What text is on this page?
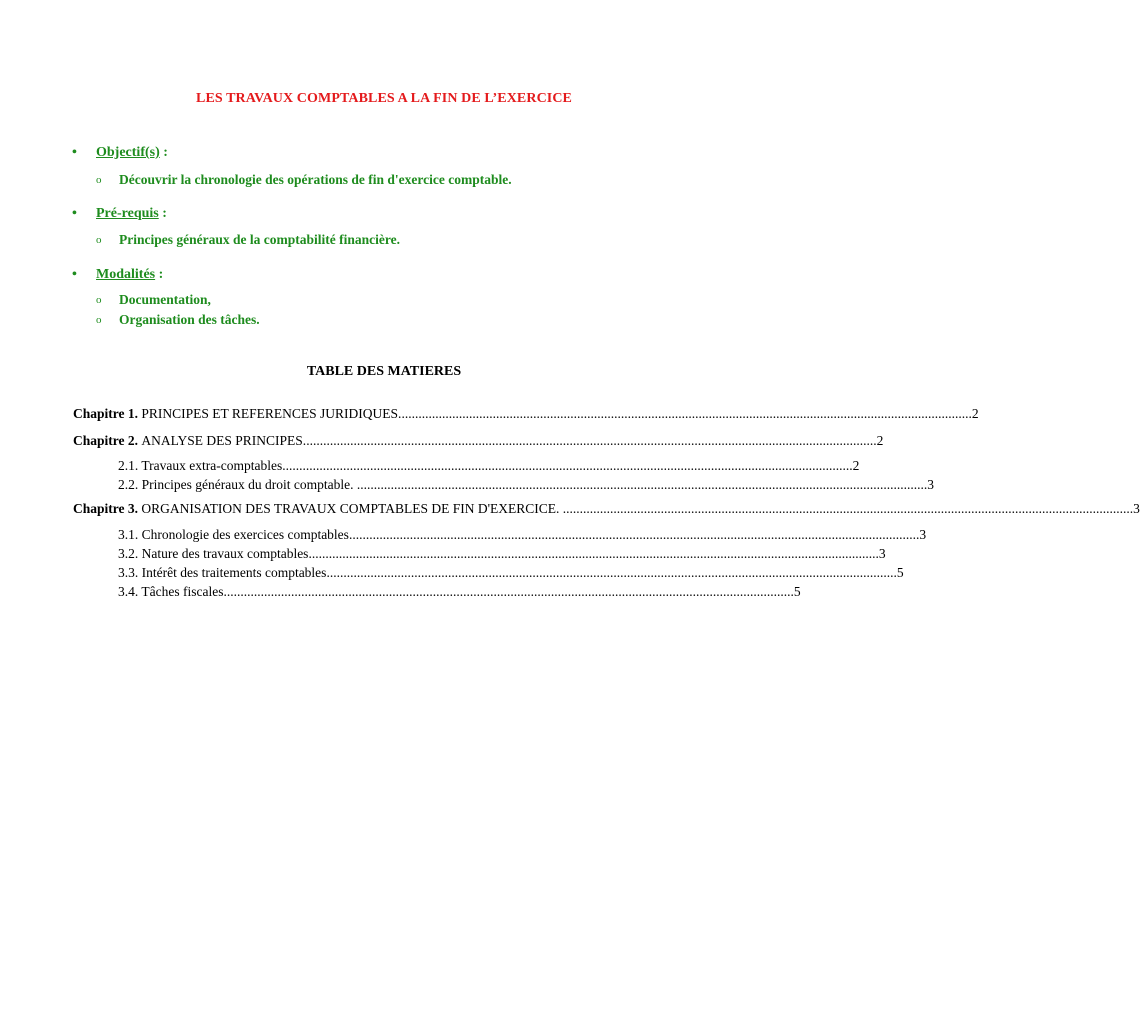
LES TRAVAUX COMPTABLES A LA FIN DE L’EXERCICE
• Objectif(s) :
o Découvrir la chronologie des opérations de fin d'exercice comptable.
• Pré-requis :
o Principes généraux de la comptabilité financière.
• Modalités :
o Documentation,
o Organisation des tâches.
TABLE DES MATIERES
Chapitre 1. PRINCIPES ET REFERENCES JURIDIQUES. ......................................................................................................................................................................... 2
Chapitre 2. ANALYSE DES PRINCIPES. ......................................................................................................................................................................... 2
2.1. Travaux extra-comptables ......................................................................................................................................................................... 2
2.2. Principes généraux du droit comptable. ......................................................................................................................................................................... 3
Chapitre 3. ORGANISATION DES TRAVAUX COMPTABLES DE FIN D'EXERCICE. ......................................................................................................................................................................... 3
3.1. Chronologie des exercices comptables ......................................................................................................................................................................... 3
3.2. Nature des travaux comptables ......................................................................................................................................................................... 3
3.3. Intérêt des traitements comptables ......................................................................................................................................................................... 5
3.4. Tâches fiscales ......................................................................................................................................................................... 5
